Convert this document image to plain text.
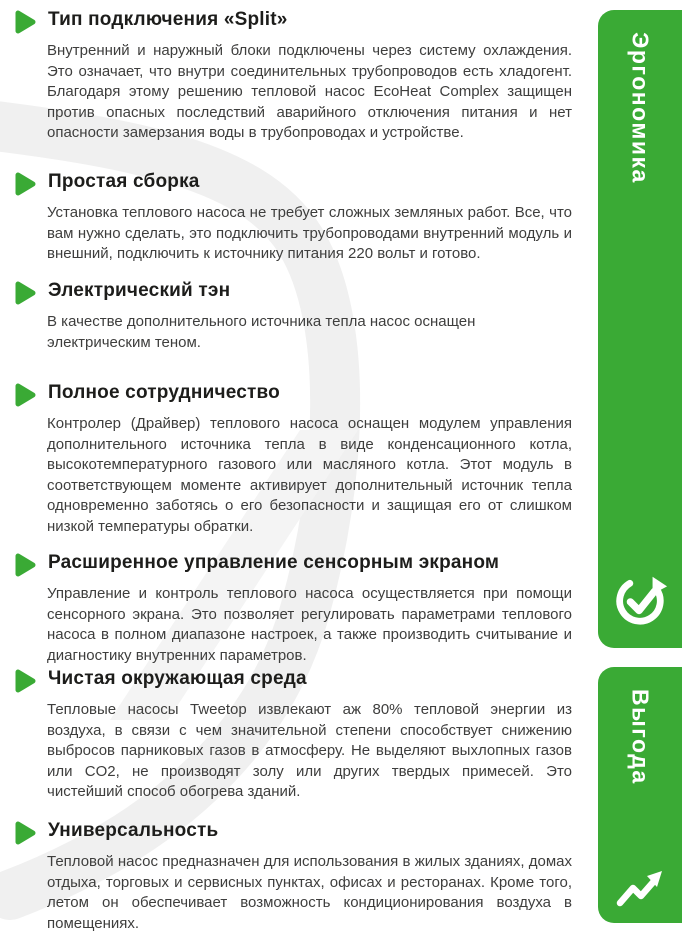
Тип подключения «Split»
Внутренний и наружный блоки подключены через систему охлаждения. Это означает, что внутри соединительных трубопроводов есть хладогент. Благодаря этому решению тепловой насос EcoHeat Complex защищен против опасных последствий аварийного отключения питания и нет опасности замерзания воды в трубопроводах и устройстве.
Простая сборка
Установка теплового насоса не требует сложных земляных работ. Все, что вам нужно сделать, это подключить трубопроводами внутренний модуль и внешний, подключить к источнику питания 220 вольт и готово.
Электрический тэн
В качестве дополнительного источника тепла насос оснащен электрическим теном.
Полное сотрудничество
Контролер (Драйвер) теплового насоса оснащен модулем управления дополнительного источника тепла в виде конденсационного котла, высокотемпературного газового или масляного котла. Этот модуль в соответствующем моменте активирует дополнительный источник тепла одновременно заботясь о его безопасности и защищая его от слишком низкой температуры обратки.
Расширенное управление сенсорным экраном
Управление и контроль теплового насоса осуществляется при помощи сенсорного экрана. Это позволяет регулировать параметрами теплового насоса в полном диапазоне настроек, а также производить считывание и диагностику внутренних параметров.
Чистая окружающая среда
Тепловые насосы Tweetop извлекают аж 80% тепловой энергии из воздуха, в связи с чем значительной степени способствует снижению выбросов парниковых газов в атмосферу. Не выделяют выхлопных газов или CO2, не производят золу или других твердых примесей. Это чистейший способ обогрева зданий.
Универсальность
Тепловой насос предназначен для использования в жилых зданиях, домах отдыха, торговых и сервисных пунктах, офисах и ресторанах. Кроме того, летом он обеспечивает возможность кондиционирования воздуха в помещениях.
Эргономика
Выгода
